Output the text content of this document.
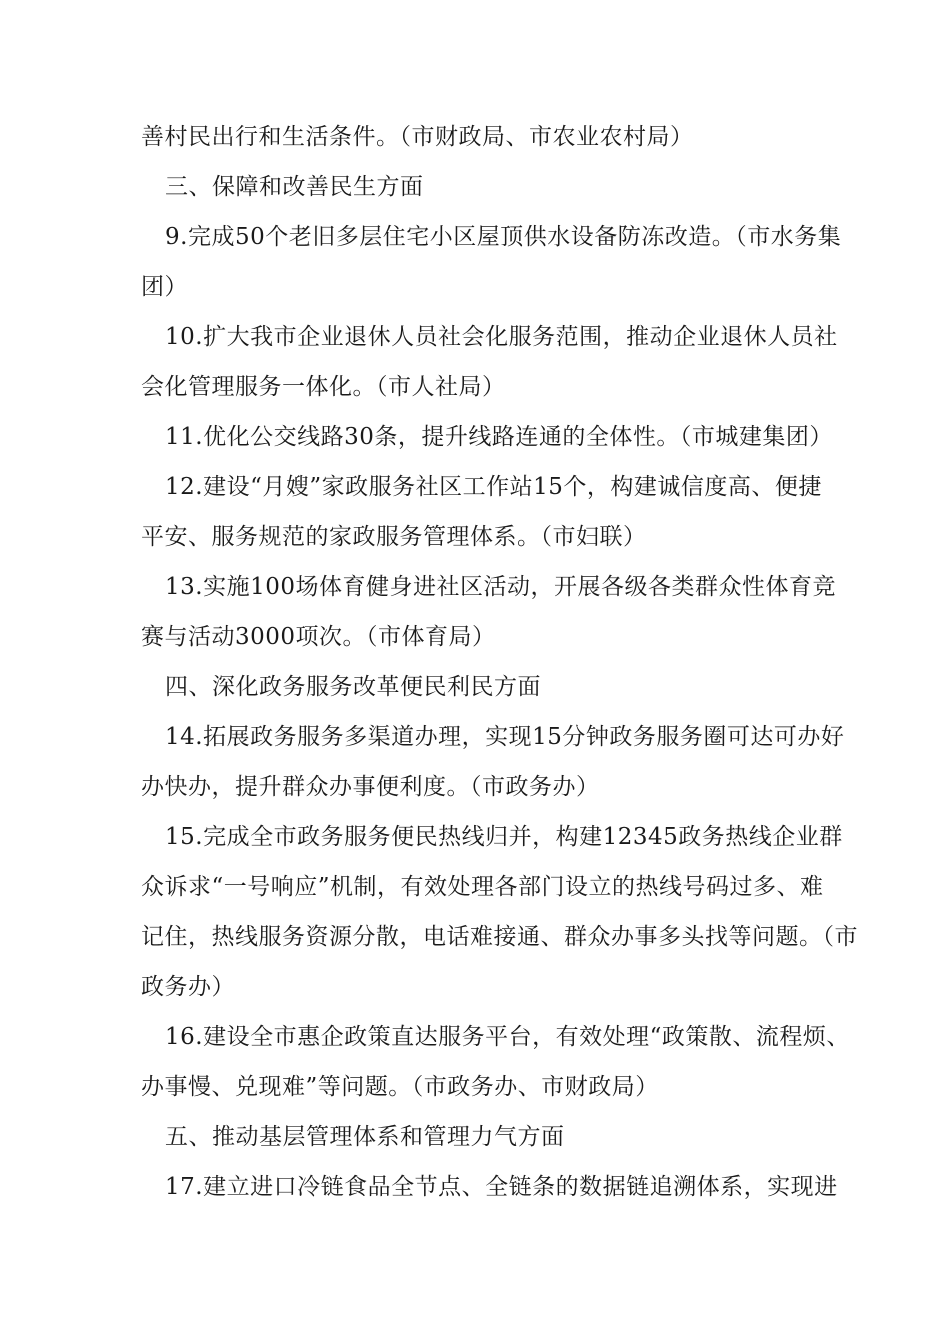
善村民出行和生活条件。（市财政局、市农业农村局）
三、保障和改善民生方面
9.完成50个老旧多层住宅小区屋顶供水设备防冻改造。（市水务集
团）
10.扩大我市企业退休人员社会化服务范围，推动企业退休人员社
会化管理服务一体化。（市人社局）
11.优化公交线路30条，提升线路连通的全体性。（市城建集团）
12.建设“月嫂”家政服务社区工作站15个，构建诚信度高、便捷
平安、服务规范的家政服务管理体系。（市妇联）
13.实施100场体育健身进社区活动，开展各级各类群众性体育竞
赛与活动3000项次。（市体育局）
四、深化政务服务改革便民利民方面
14.拓展政务服务多渠道办理，实现15分钟政务服务圈可达可办好
办快办，提升群众办事便利度。（市政务办）
15.完成全市政务服务便民热线归并，构建12345政务热线企业群
众诉求“一号响应”机制，有效处理各部门设立的热线号码过多、难
记住，热线服务资源分散，电话难接通、群众办事多头找等问题。（市
政务办）
16.建设全市惠企政策直达服务平台，有效处理“政策散、流程烦、
办事慢、兑现难”等问题。（市政务办、市财政局）
五、推动基层管理体系和管理力气方面
17.建立进口冷链食品全节点、全链条的数据链追溯体系，实现进
